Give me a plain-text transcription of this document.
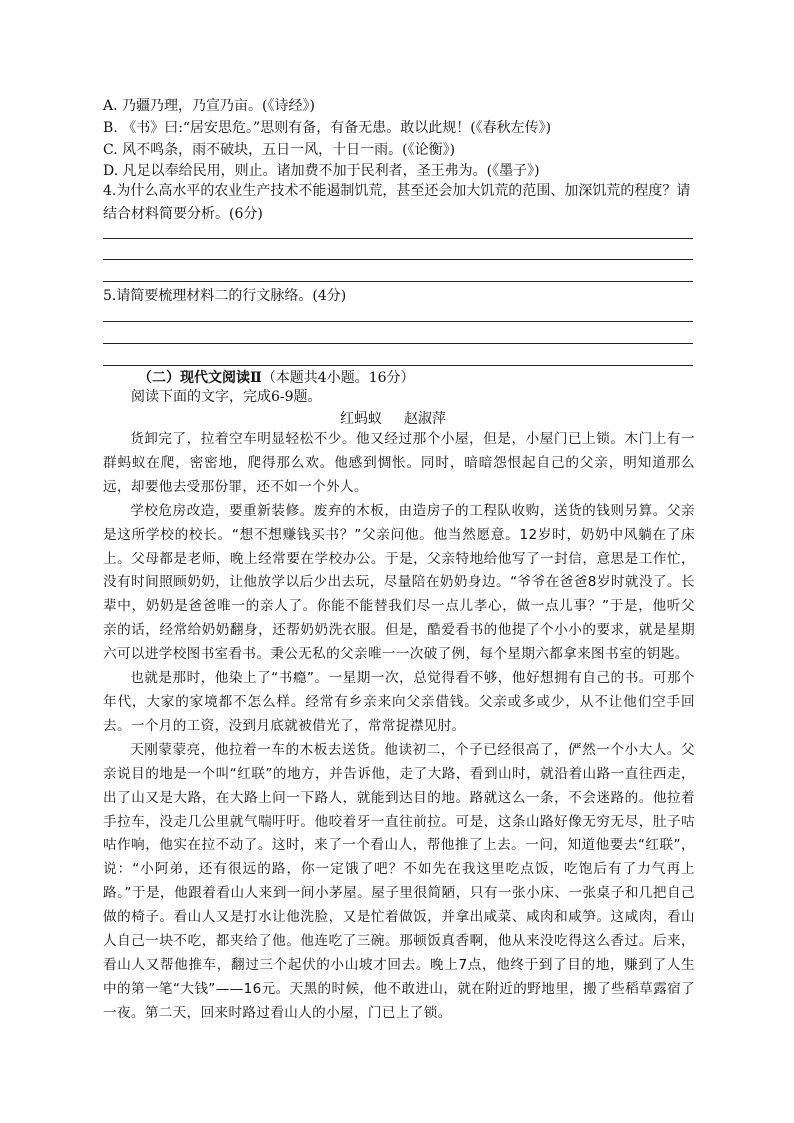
A. 乃疆乃理，乃宣乃亩。(《诗经》)
B. 《书》曰:“居安思危。”思则有备，有备无患。敢以此规！(《春秋左传》)
C. 风不鸣条，雨不破块，五日一风，十日一雨。(《论衡》)
D. 凡足以奉给民用，则止。诸加费不加于民利者，圣王弗为。(《墨子》)
4.为什么高水平的农业生产技术不能遏制饥荒，甚至还会加大饥荒的范围、加深饥荒的程度？请结合材料简要分析。(6分)
5.请简要梳理材料二的行文脉络。(4分)
（二）现代文阅读Ⅱ（本题共4小题。16分）
阅读下面的文字，完成6-9题。
红蚂蚁 赵淑萍

货卸完了，拉着空车明显轻松不少。他又经过那个小屋，但是，小屋门已上锁。木门上有一群蚂蚁在爬，密密地，爬得那么欢。他感到惆怅。同时，暗暗怨恨起自己的父亲，明知道那么远，却要他去受那份罪，还不如一个外人。

学校危房改造，要重新装修。废弃的木板，由造房子的工程队收购，送货的钱则另算。父亲是这所学校的校长。“想不想赚钱买书？”父亲问他。他当然愿意。12岁时，奶奶中风躺在了床上。父母都是老师，晚上经常要在学校办公。于是，父亲特地给他写了一封信，意思是工作忙，没有时间照顾奶奶，让他放学以后少出去玩，尽量陪在奶奶身边。“爷爷在爸爸8岁时就没了。长辈中，奶奶是爸爸唯一的亲人了。你能不能替我们尽一点儿孝心，做一点儿事？”于是，他听父亲的话，经常给奶奶翻身，还帮奶奶洗衣服。但是，酷爱看书的他提了个小小的要求，就是星期六可以进学校图书室看书。秉公无私的父亲唯一一次破了例，每个星期六都拿来图书室的钥匙。

也就是那时，他染上了“书瘾”。一星期一次，总觉得看不够，他好想拥有自己的书。可那个年代，大家的家境都不怎么样。经常有乡亲来向父亲借钱。父亲或多或少，从不让他们空手回去。一个月的工资，没到月底就被借光了，常常捉襟见肘。

天刚蒙蒙亮，他拉着一车的木板去送货。他读初二，个子已经很高了，俨然一个小大人。父亲说目的地是一个叫“红联”的地方，并告诉他，走了大路，看到山时，就沿着山路一直往西走，出了山又是大路，在大路上问一下路人，就能到达目的地。路就这么一条，不会迷路的。他拉着手拉车，没走几公里就气喘吁吁。他咬着牙一直往前拉。可是，这条山路好像无穷无尽，肚子咕咕作响，他实在拉不动了。这时，来了一个看山人，帮他推了上去。一问，知道他要去“红联”，说：“小阿弟，还有很远的路，你一定饿了吧？不如先在我这里吃点饭，吃饱后有了力气再上路。”于是，他跟着看山人来到一间小茅屋。屋子里很简陋，只有一张小床、一张桌子和几把自己做的椅子。看山人又是打水让他洗脸，又是忙着做饭，并拿出咸菜、咸肉和咸笋。这咸肉，看山人自己一块不吃，都夹给了他。他连吃了三碗。那顿饭真香啊，他从来没吃得这么香过。后来，看山人又帮他推车，翻过三个起伏的小山坡才回去。晚上7点，他终于到了目的地，赚到了人生中的第一笔“大钱”——16元。天黑的时候，他不敢进山，就在附近的野地里，搬了些稻草露宿了一夜。第二天，回来时路过看山人的小屋，门已上了锁。
